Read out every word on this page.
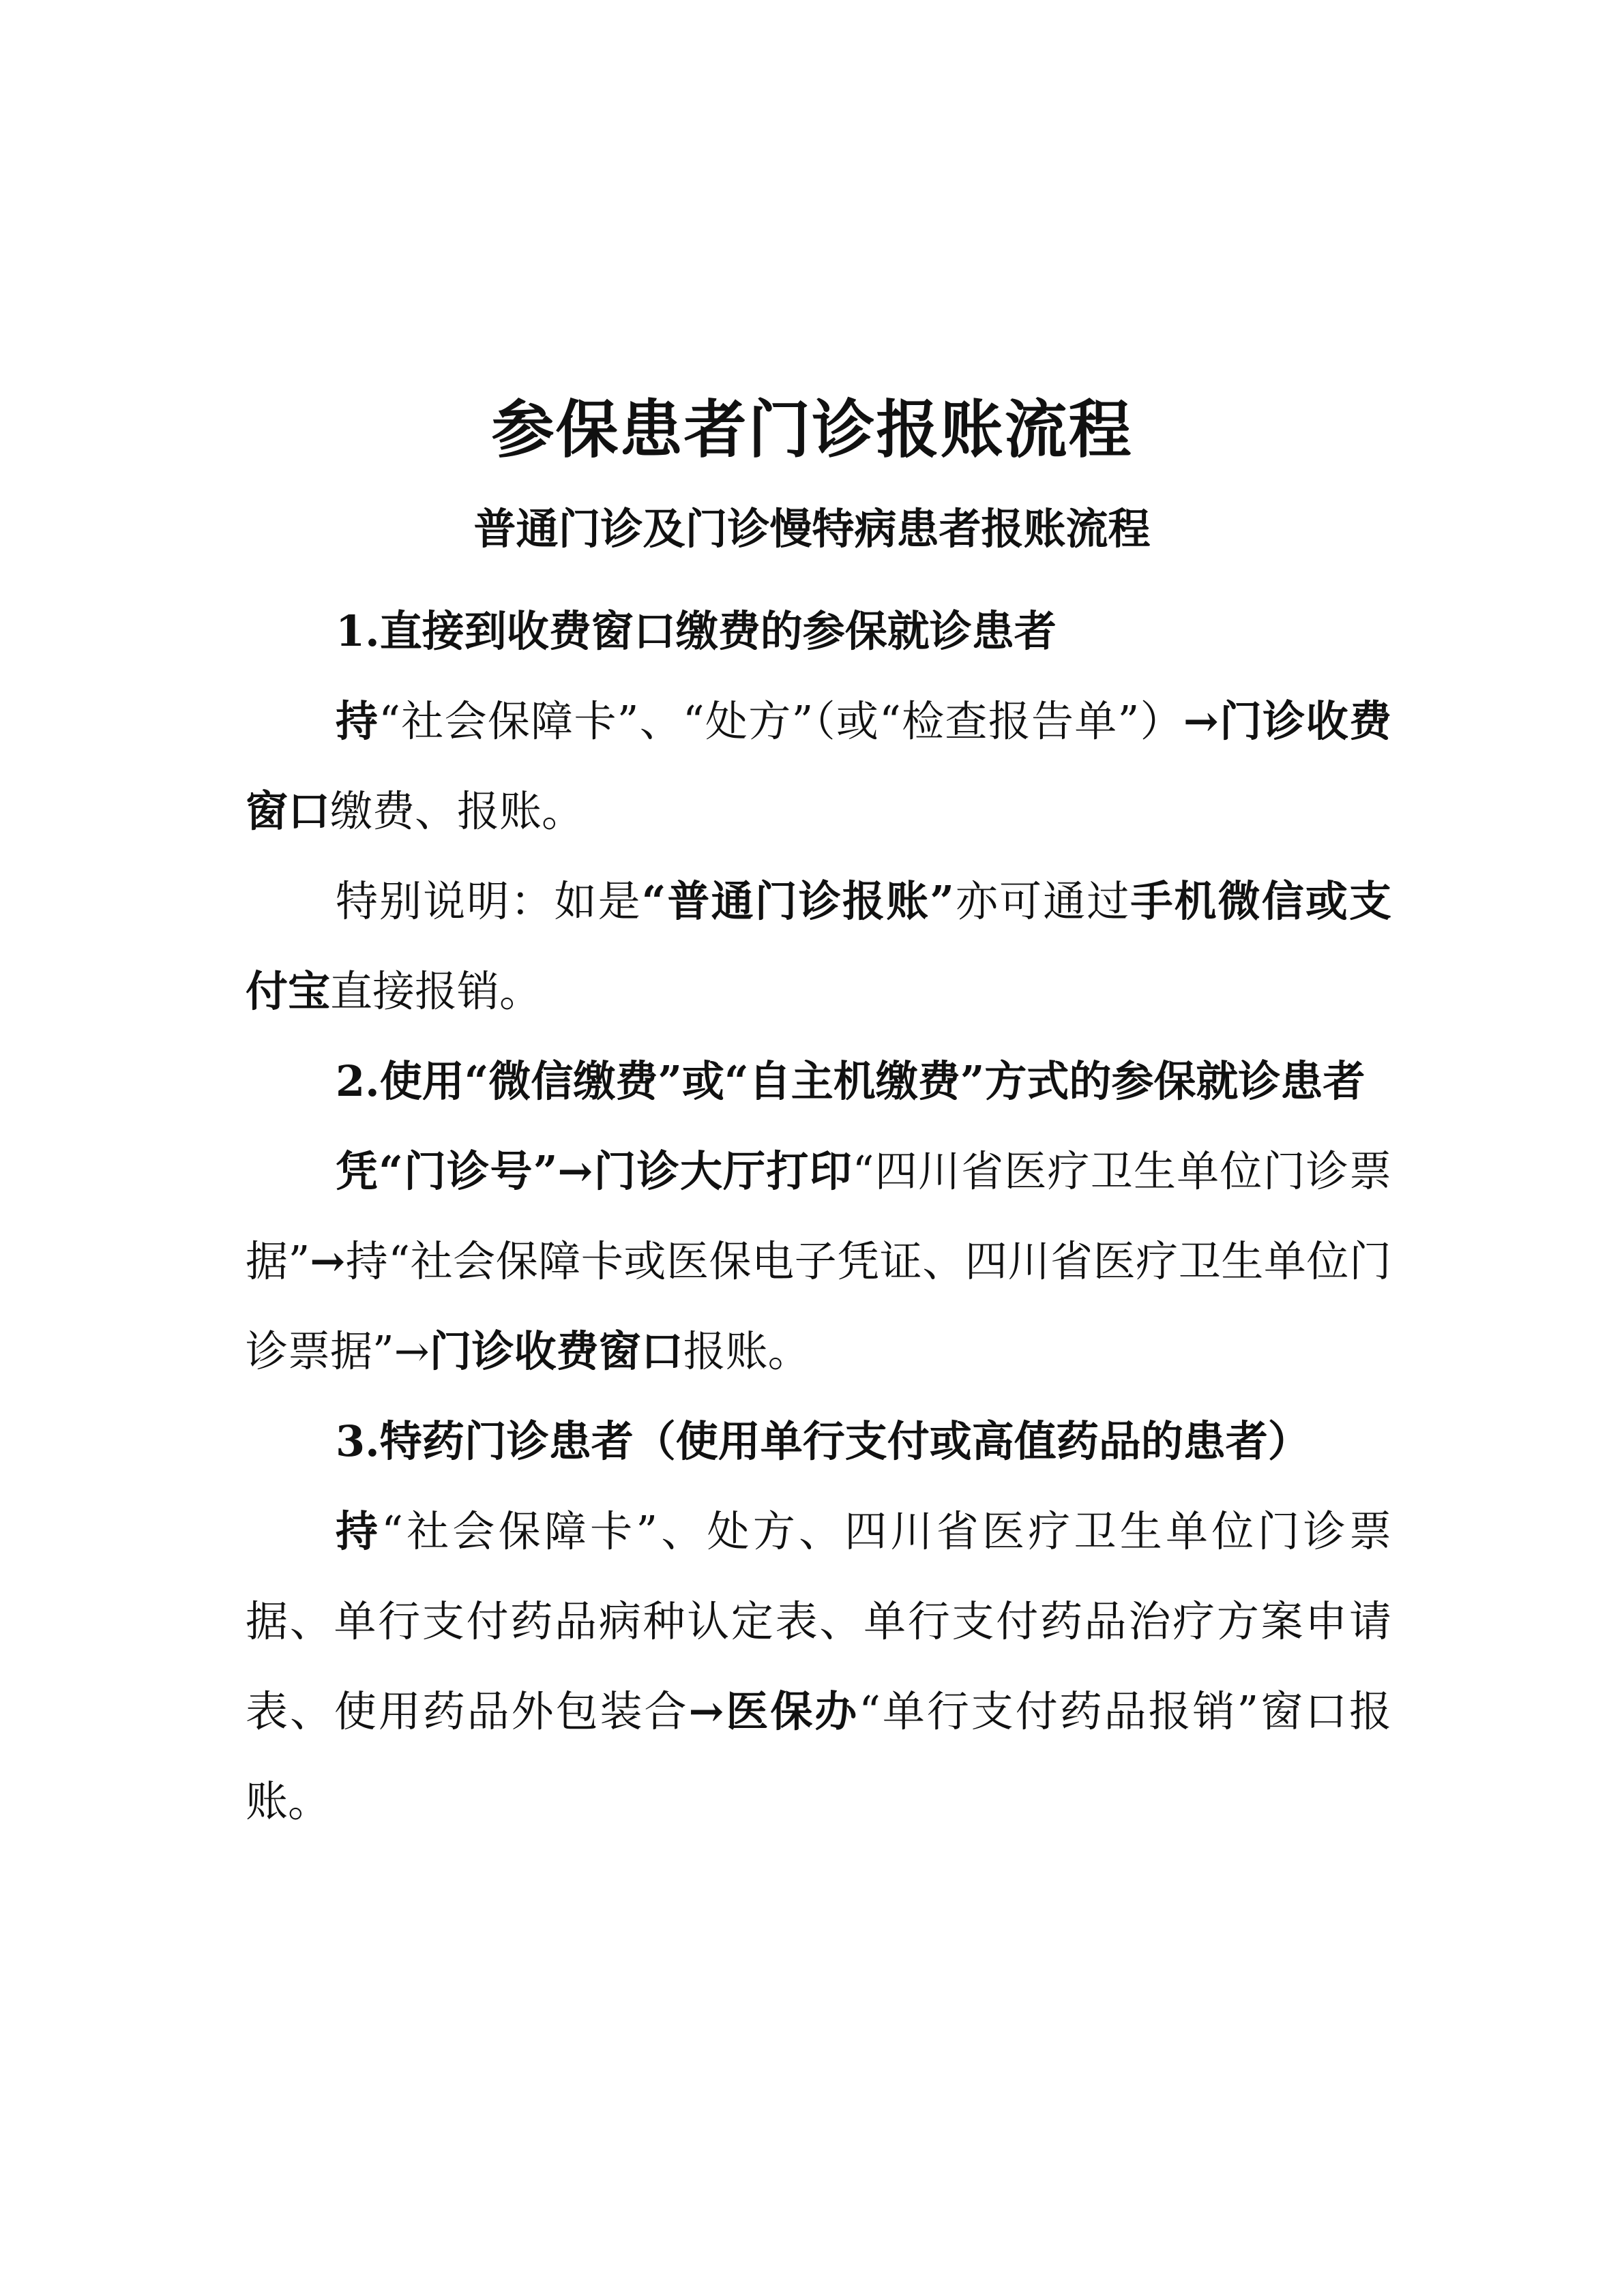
参保患者门诊报账流程
普通门诊及门诊慢特病患者报账流程

1.直接到收费窗口缴费的参保就诊患者

持“社会保障卡”、“处方”（或“检查报告单”）→门诊收费窗口缴费、报账。

特别说明：如是“普通门诊报账”亦可通过手机微信或支付宝直接报销。

2.使用“微信缴费”或“自主机缴费”方式的参保就诊患者

凭“门诊号”→门诊大厅打印“四川省医疗卫生单位门诊票据”→持“社会保障卡或医保电子凭证、四川省医疗卫生单位门诊票据”→门诊收费窗口报账。

3.特药门诊患者（使用单行支付或高值药品的患者）

持“社会保障卡”、处方、四川省医疗卫生单位门诊票据、单行支付药品病种认定表、单行支付药品治疗方案申请表、使用药品外包装合→医保办“单行支付药品报销”窗口报账。
